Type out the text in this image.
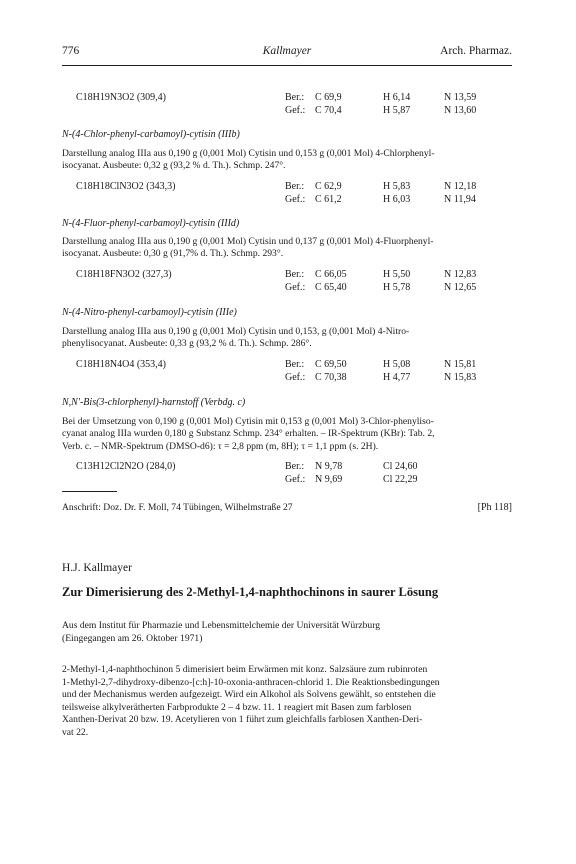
776	Kallmayer	Arch. Pharmaz.
C18H19N3O2 (309,4)	Ber.: C 69,9	H 6,14	N 13,59
Gef.: C 70,4	H 5,87	N 13,60
N-(4-Chlor-phenyl-carbamoyl)-cytisin (IIIb)
Darstellung analog IIIa aus 0,190 g (0,001 Mol) Cytisin und 0,153 g (0,001 Mol) 4-Chlorphenyl-
isocyanat. Ausbeute: 0,32 g (93,2 % d. Th.). Schmp. 247°.
C18H18ClN3O2 (343,3)	Ber.: C 62,9	H 5,83	N 12,18
Gef.: C 61,2	H 6,03	N 11,94
N-(4-Fluor-phenyl-carbamoyl)-cytisin (IIId)
Darstellung analog IIIa aus 0,190 g (0,001 Mol) Cytisin und 0,137 g (0,001 Mol) 4-Fluorphenyl-
isocyanat. Ausbeute: 0,30 g (91,7% d. Th.). Schmp. 293°.
C18H18FN3O2 (327,3)	Ber.: C 66,05	H 5,50	N 12,83
Gef.: C 65,40	H 5,78	N 12,65
N-(4-Nitro-phenyl-carbamoyl)-cytisin (IIIe)
Darstellung analog IIIa aus 0,190 g (0,001 Mol) Cytisin und 0,153, g (0,001 Mol) 4-Nitro-
phenylisocyanat. Ausbeute: 0,33 g (93,2 % d. Th.). Schmp. 286°.
C18H18N4O4 (353,4)	Ber.: C 69,50	H 5,08	N 15,81
Gef.: C 70,38	H 4,77	N 15,83
N,N'-Bis(3-chlorphenyl)-harnstoff (Verbdg. c)
Bei der Umsetzung von 0,190 g (0,001 Mol) Cytisin mit 0,153 g (0,001 Mol) 3-Chlor-phenyliso-
cyanat analog IIIa wurden 0,180 g Substanz Schmp. 234° erhalten. – IR-Spektrum (KBr): Tab. 2,
Verb. c. – NMR-Spektrum (DMSO-d6): τ = 2,8 ppm (m, 8H); τ = 1,1 ppm (s. 2H).
C13H12Cl2N2O (284,0)	Ber.: N 9,78	Cl 24,60
Gef.: N 9,69	Cl 22,29
Anschrift: Doz. Dr. F. Moll, 74 Tübingen, Wilhelmstraße 27	[Ph 118]
H.J. Kallmayer
Zur Dimerisierung des 2-Methyl-1,4-naphthochinons in saurer Lösung
Aus dem Institut für Pharmazie und Lebensmittelchemie der Universität Würzburg
(Eingegangen am 26. Oktober 1971)
2-Methyl-1,4-naphthochinon 5 dimerisiert beim Erwärmen mit konz. Salzsäure zum rubinroten
1-Methyl-2,7-dihydroxy-dibenzo-[c:h]-10-oxonia-anthracen-chlorid 1. Die Reaktionsbedingungen
und der Mechanismus werden aufgezeigt. Wird ein Alkohol als Solvens gewählt, so entstehen die
teilsweise alkylverätherten Farbprodukte 2 – 4 bzw. 11. 1 reagiert mit Basen zum farblosen
Xanthen-Derivat 20 bzw. 19. Acetylieren von 1 führt zum gleichfalls farblosen Xanthen-Deri-
vat 22.
